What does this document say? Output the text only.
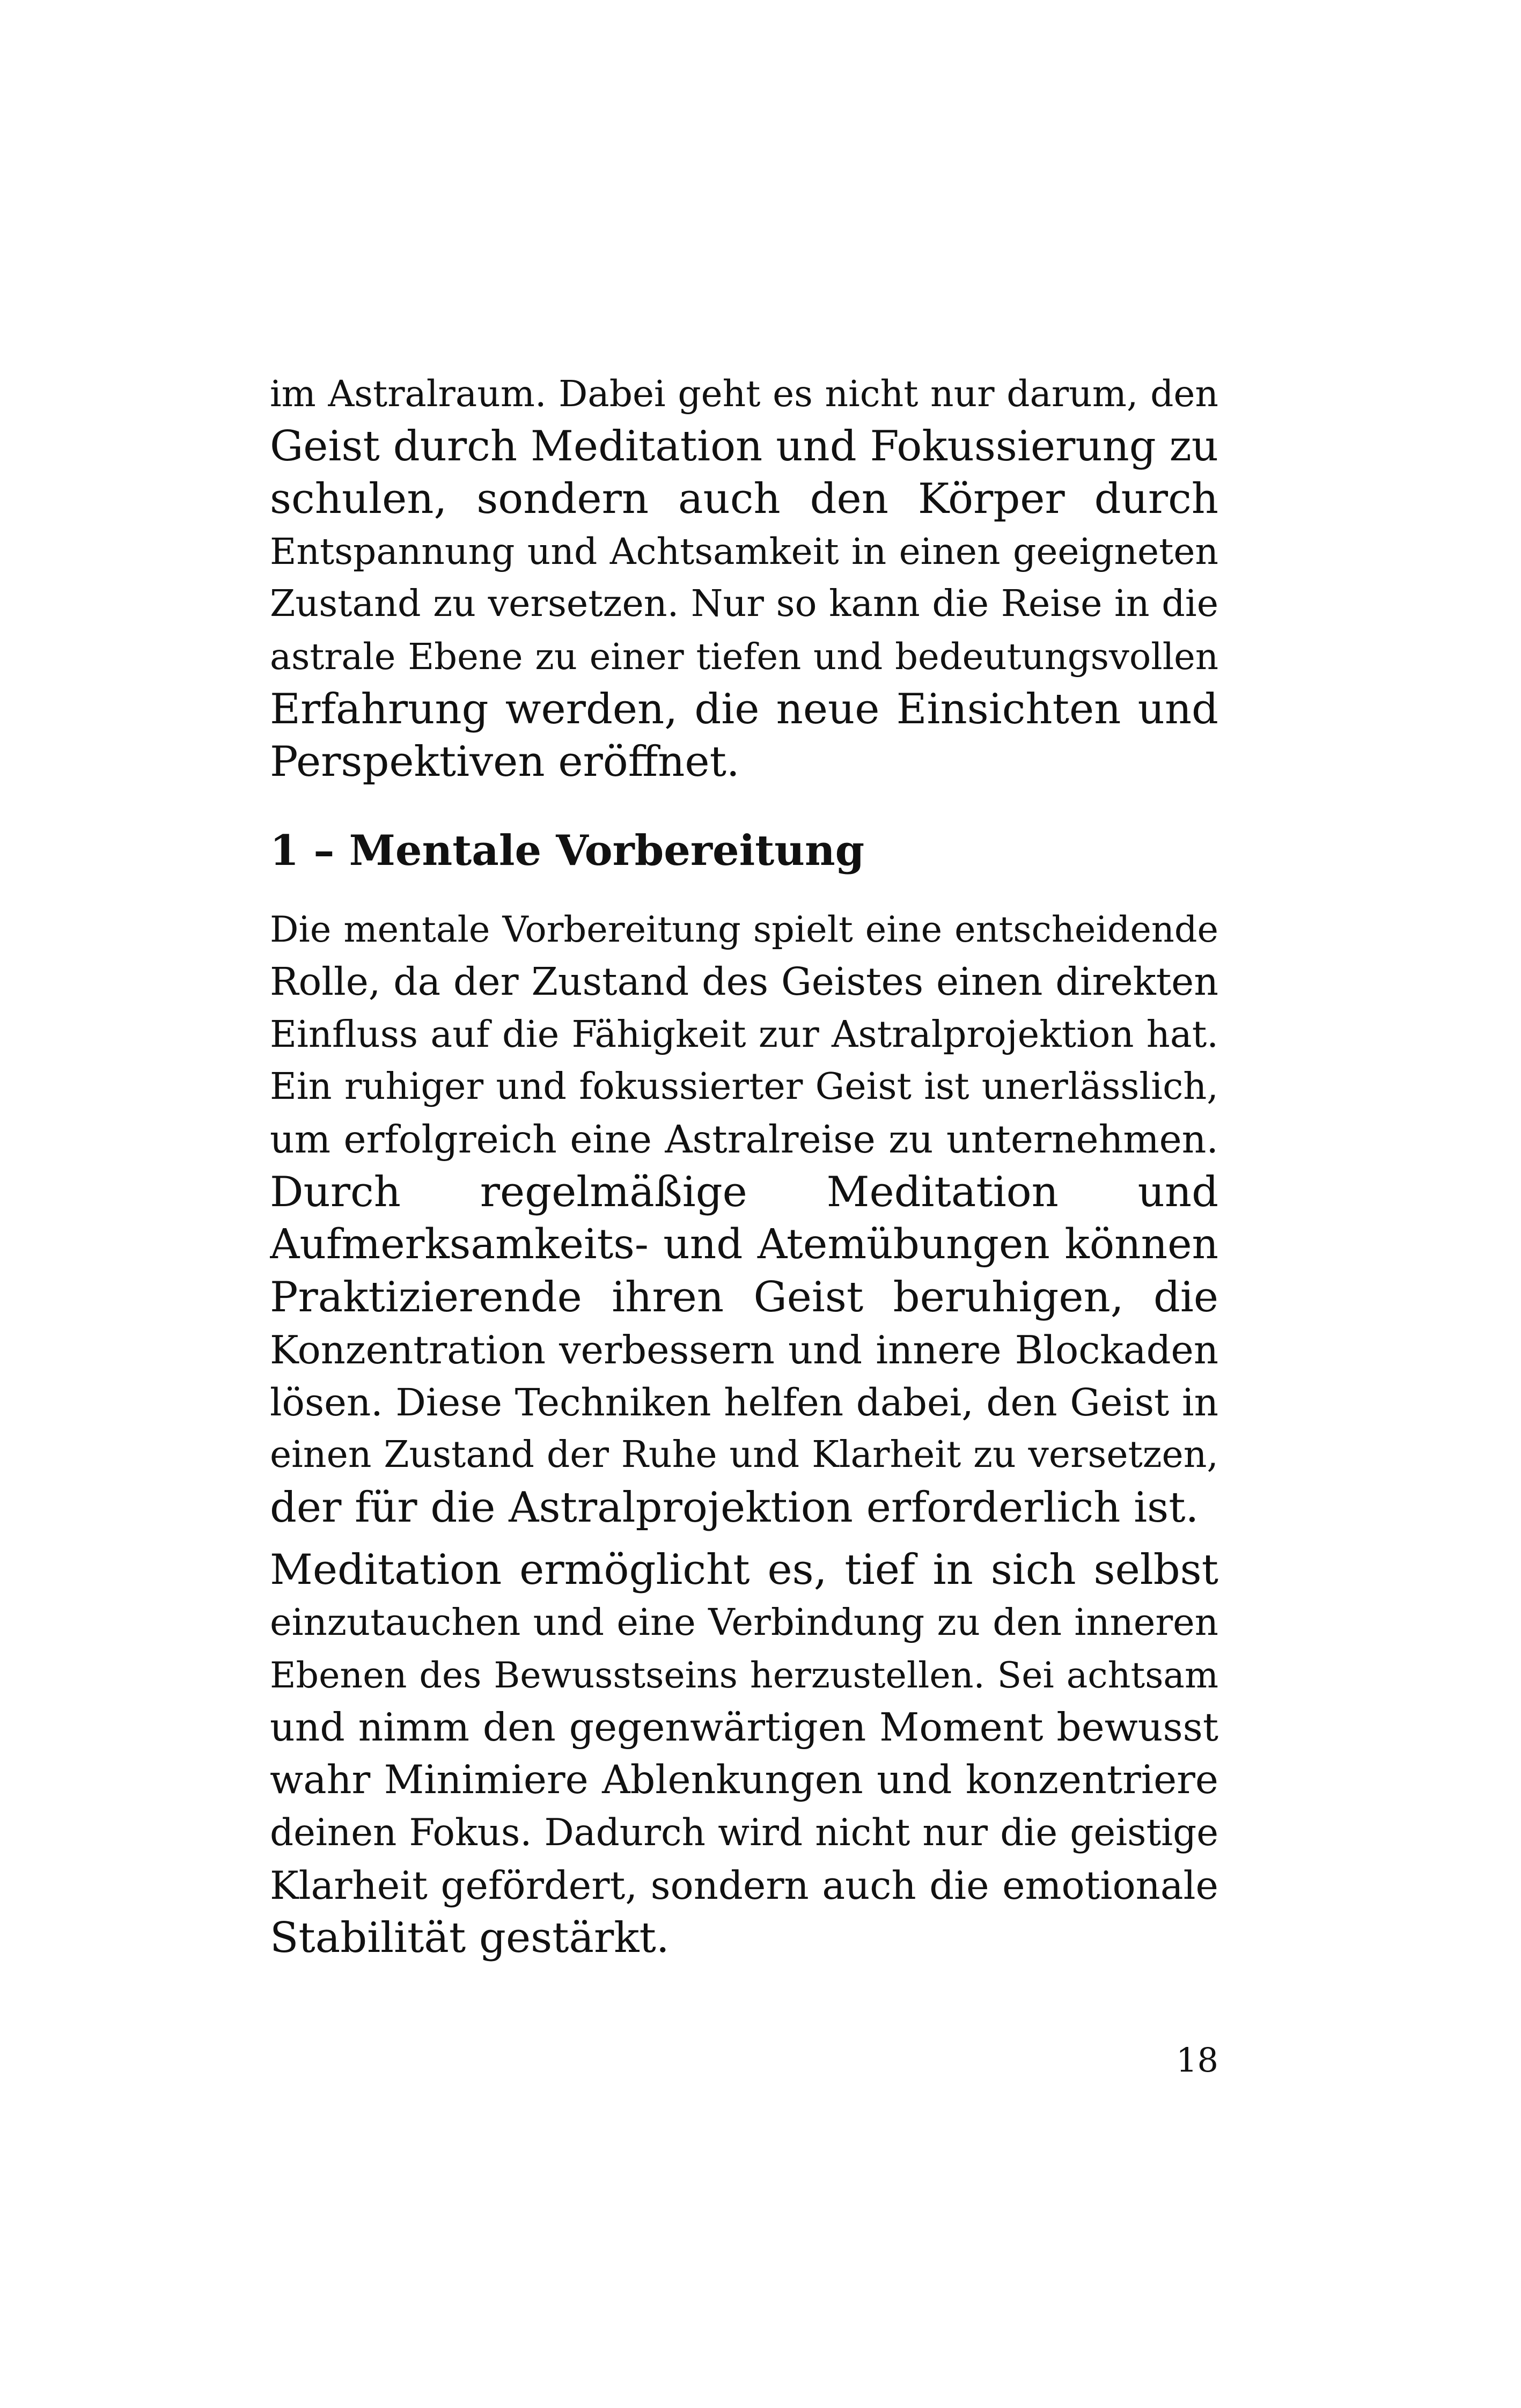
im Astralraum. Dabei geht es nicht nur darum, den
Geist durch Meditation und Fokussierung zu
schulen, sondern auch den Körper durch
Entspannung und Achtsamkeit in einen geeigneten
Zustand zu versetzen. Nur so kann die Reise in die
astrale Ebene zu einer tiefen und bedeutungsvollen
Erfahrung werden, die neue Einsichten und
Perspektiven eröffnet.

1 – Mentale Vorbereitung

Die mentale Vorbereitung spielt eine entscheidende
Rolle, da der Zustand des Geistes einen direkten
Einfluss auf die Fähigkeit zur Astralprojektion hat.
Ein ruhiger und fokussierter Geist ist unerlässlich,
um erfolgreich eine Astralreise zu unternehmen.
Durch regelmäßige Meditation und
Aufmerksamkeits- und Atemübungen können
Praktizierende ihren Geist beruhigen, die
Konzentration verbessern und innere Blockaden
lösen. Diese Techniken helfen dabei, den Geist in
einen Zustand der Ruhe und Klarheit zu versetzen,
der für die Astralprojektion erforderlich ist.

Meditation ermöglicht es, tief in sich selbst
einzutauchen und eine Verbindung zu den inneren
Ebenen des Bewusstseins herzustellen. Sei achtsam
und nimm den gegenwärtigen Moment bewusst
wahr Minimiere Ablenkungen und konzentriere
deinen Fokus. Dadurch wird nicht nur die geistige
Klarheit gefördert, sondern auch die emotionale
Stabilität gestärkt.

18
